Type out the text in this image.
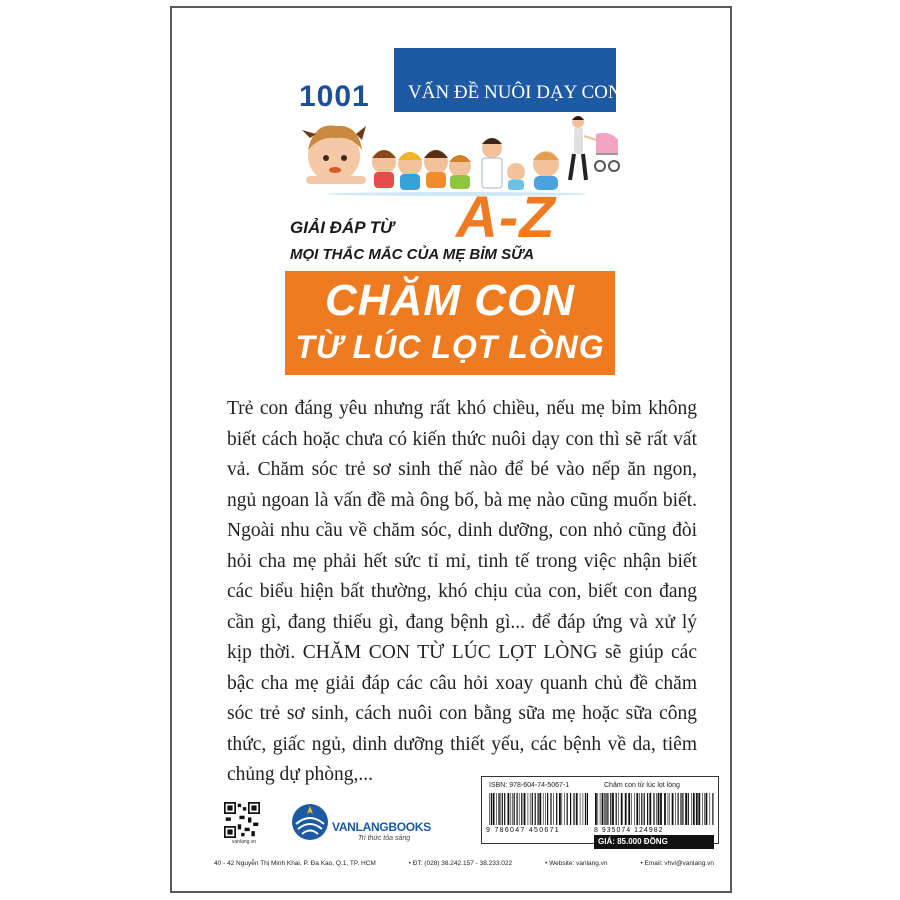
1001 VẤN ĐỀ NUÔI DẠY CON
GIẢI ĐÁP TỪ A-Z
MỌI THẮC MẮC CỦA MẸ BỈM SỮA
CHĂM CON
TỪ LÚC LỌT LÒNG

Trẻ con đáng yêu nhưng rất khó chiều, nếu mẹ bỉm không biết cách hoặc chưa có kiến thức nuôi dạy con thì sẽ rất vất vả. Chăm sóc trẻ sơ sinh thế nào để bé vào nếp ăn ngon, ngủ ngoan là vấn đề mà ông bố, bà mẹ nào cũng muốn biết. Ngoài nhu cầu về chăm sóc, dinh dưỡng, con nhỏ cũng đòi hỏi cha mẹ phải hết sức tỉ mỉ, tinh tế trong việc nhận biết các biểu hiện bất thường, khó chịu của con, biết con đang cần gì, đang thiếu gì, đang bệnh gì... để đáp ứng và xử lý kịp thời. CHĂM CON TỪ LÚC LỌT LÒNG sẽ giúp các bậc cha mẹ giải đáp các câu hỏi xoay quanh chủ đề chăm sóc trẻ sơ sinh, cách nuôi con bằng sữa mẹ hoặc sữa công thức, giấc ngủ, dinh dưỡng thiết yếu, các bệnh về da, tiêm chủng dự phòng,...

vanlang.vn
VANLANGBOOKS
Tri thức tỏa sáng
ISBN: 978-604-74-5067-1	Chăm con từ lúc lọt lòng
9 786047 450671	8 935074 124982
GIÁ: 85.000 ĐỒNG
40 - 42 Nguyễn Thị Minh Khai, P. Đa Kao, Q.1, TP. HCM	• ĐT: (028) 38.242.157 - 38.233.022	• Website: vanlang.vn	• Email: vhvl@vanlang.vn
